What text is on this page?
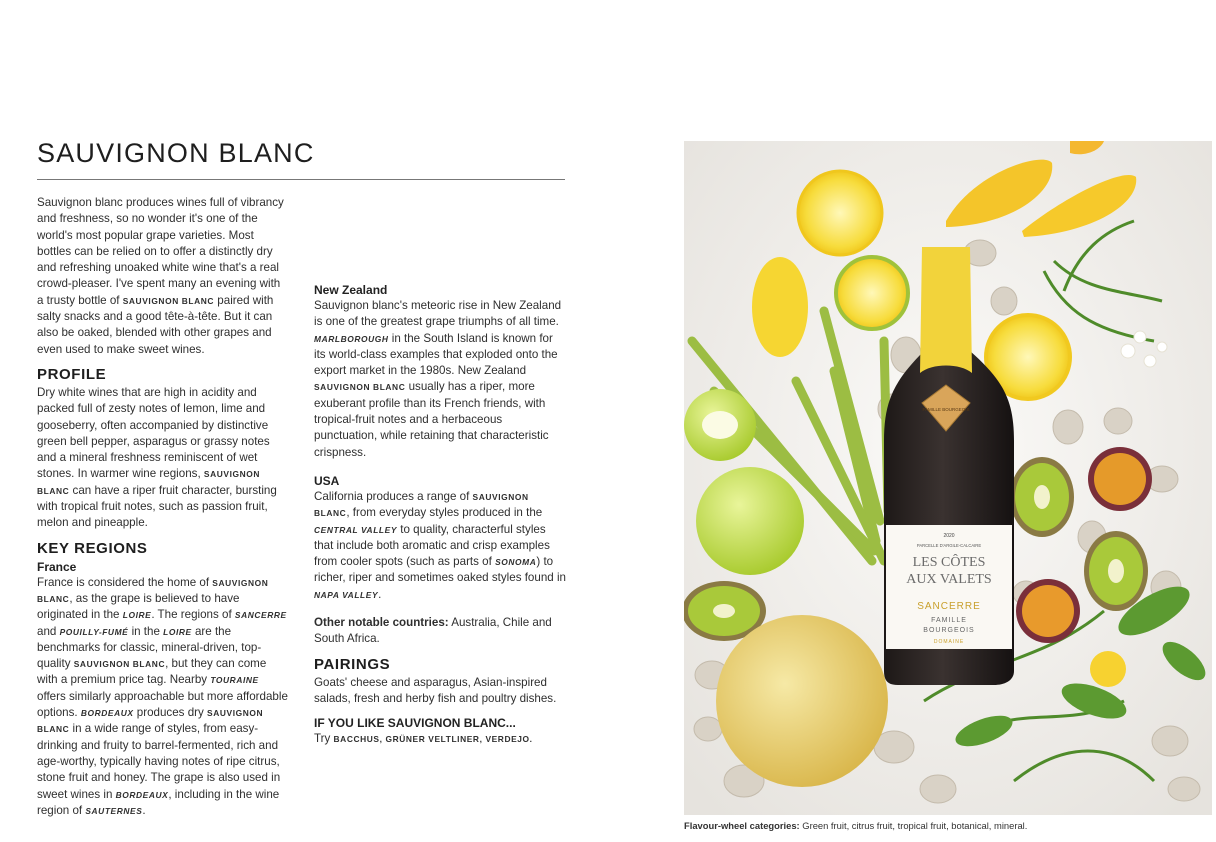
SAUVIGNON BLANC

Sauvignon blanc produces wines full of vibrancy and freshness, so no wonder it's one of the world's most popular grape varieties. Most bottles can be relied on to offer a distinctly dry and refreshing unoaked white wine that's a real crowd-pleaser. I've spent many an evening with a trusty bottle of SAUVIGNON BLANC paired with salty snacks and a good tête-à-tête. But it can also be oaked, blended with other grapes and even used to make sweet wines.

PROFILE

Dry white wines that are high in acidity and packed full of zesty notes of lemon, lime and gooseberry, often accompanied by distinctive green bell pepper, asparagus or grassy notes and a mineral freshness reminiscent of wet stones. In warmer wine regions, SAUVIGNON BLANC can have a riper fruit character, bursting with tropical fruit notes, such as passion fruit, melon and pineapple.

KEY REGIONS
France

France is considered the home of SAUVIGNON BLANC, as the grape is believed to have originated in the LOIRE. The regions of SANCERRE and POUILLY-FUMÉ in the LOIRE are the benchmarks for classic, mineral-driven, top-quality SAUVIGNON BLANC, but they can come with a premium price tag. Nearby TOURAINE offers similarly approachable but more affordable options. BORDEAUX produces dry SAUVIGNON BLANC in a wide range of styles, from easy-drinking and fruity to barrel-fermented, rich and age-worthy, typically having notes of ripe citrus, stone fruit and honey. The grape is also used in sweet wines in BORDEAUX, including in the wine region of SAUTERNES.

New Zealand

Sauvignon blanc's meteoric rise in New Zealand is one of the greatest grape triumphs of all time. MARLBOROUGH in the South Island is known for its world-class examples that exploded onto the export market in the 1980s. New Zealand SAUVIGNON BLANC usually has a riper, more exuberant profile than its French friends, with tropical-fruit notes and a herbaceous punctuation, while retaining that characteristic crispness.

USA

California produces a range of SAUVIGNON BLANC, from everyday styles produced in the CENTRAL VALLEY to quality, characterful styles that include both aromatic and crisp examples from cooler spots (such as parts of SONOMA) to richer, riper and sometimes oaked styles found in NAPA VALLEY.

Other notable countries: Australia, Chile and South Africa.

PAIRINGS

Goats' cheese and asparagus, Asian-inspired salads, fresh and herby fish and poultry dishes.

IF YOU LIKE SAUVIGNON BLANC...

Try BACCHUS, GRÜNER VELTLINER, VERDEJO.

FAMILLE BOURGEOIS
2020
PARCELLE D'ARGILE-CALCAIRE
LES CÔTES
AUX VALETS
SANCERRE
FAMILLE
BOURGEOIS
DOMAINE
Flavour-wheel categories: Green fruit, citrus fruit, tropical fruit, botanical, mineral.
